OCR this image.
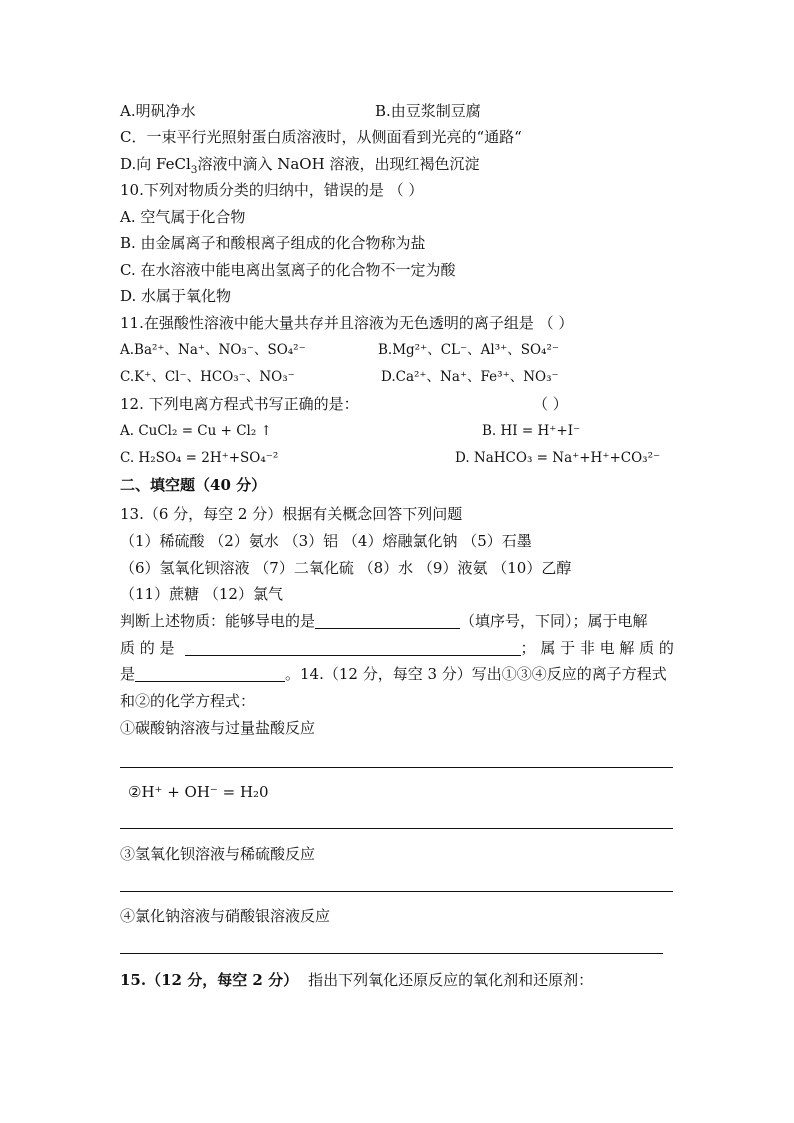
A.明矾净水	B.由豆浆制豆腐
C．一束平行光照射蛋白质溶液时，从侧面看到光亮的“通路“
D.向 FeCl$_3$溶液中滴入 NaOH 溶液，出现红褐色沉淀
10.下列对物质分类的归纳中，错误的是 （ ）
A. 空气属于化合物
B. 由金属离子和酸根离子组成的化合物称为盐
C. 在水溶液中能电离出氢离子的化合物不一定为酸
D. 水属于氧化物
11.在强酸性溶液中能大量共存并且溶液为无色透明的离子组是 （ ）
A.Ba²⁺、Na⁺、NO₃⁻、SO₄²⁻	B.Mg²⁺、CL⁻、Al³⁺、SO₄²⁻
C.K⁺、Cl⁻、HCO₃⁻、NO₃⁻	D.Ca²⁺、Na⁺、Fe³⁺、NO₃⁻
12. 下列电离方程式书写正确的是：	（ ）
A. CuCl₂ = Cu + Cl₂ ↑	B. HI = H⁺+I⁻
C. H₂SO₄ = 2H⁺+SO₄⁻²	D. NaHCO₃ = Na⁺+H⁺+CO₃²⁻
二、填空题（40 分）
13.（6 分，每空 2 分）根据有关概念回答下列问题
（1）稀硫酸 （2）氨水 （3）铝 （4）熔融氯化钠 （5）石墨
（6）氢氧化钡溶液 （7）二氧化硫 （8）水 （9）液氨 （10）乙醇
（11）蔗糖 （12）氯气
判断上述物质：能够导电的是	（填序号，下同）；属于电解
质 的 是	； 属 于 非 电 解 质 的
是	。14.（12 分，每空 3 分）写出①③④反应的离子方程式
和②的化学方程式：
①碳酸钠溶液与过量盐酸反应
②H⁺ + OH⁻ = H₂0
③氢氧化钡溶液与稀硫酸反应
④氯化钠溶液与硝酸银溶液反应
15.（12 分，每空 2 分） 指出下列氧化还原反应的氧化剂和还原剂：
